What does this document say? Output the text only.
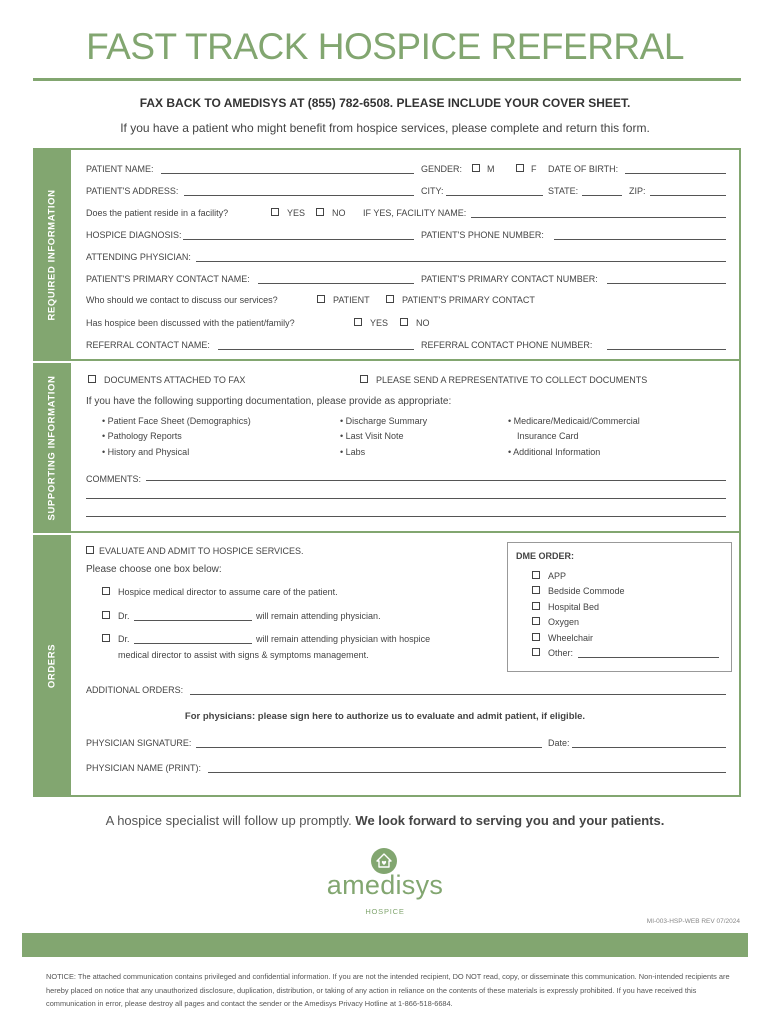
FAST TRACK HOSPICE REFERRAL
FAX BACK TO AMEDISYS AT (855) 782-6508. PLEASE INCLUDE YOUR COVER SHEET.
If you have a patient who might benefit from hospice services, please complete and return this form.
REQUIRED INFORMATION
PATIENT NAME:	GENDER:	M	F DATE OF BIRTH:
PATIENT'S ADDRESS:	CITY:	STATE:	ZIP:
Does the patient reside in a facility?	YES	NO IF YES, FACILITY NAME:
HOSPICE DIAGNOSIS:	PATIENT'S PHONE NUMBER:
ATTENDING PHYSICIAN:
PATIENT'S PRIMARY CONTACT NAME:	PATIENT'S PRIMARY CONTACT NUMBER:
Who should we contact to discuss our services?	PATIENT	PATIENT'S PRIMARY CONTACT
Has hospice been discussed with the patient/family?	YES	NO
REFERRAL CONTACT NAME:	REFERRAL CONTACT PHONE NUMBER:
SUPPORTING INFORMATION	DOCUMENTS ATTACHED TO FAX	PLEASE SEND A REPRESENTATIVE TO COLLECT DOCUMENTS
If you have the following supporting documentation, please provide as appropriate:
• Patient Face Sheet (Demographics)
• Pathology Reports
• History and Physical
• Discharge Summary
• Last Visit Note
• Labs
• Medicare/Medicaid/Commercial
Insurance Card
• Additional Information
COMMENTS:
ORDERS
EVALUATE AND ADMIT TO HOSPICE SERVICES.
Please choose one box below:
Hospice medical director to assume care of the patient.
Dr.	will remain attending physician.
Dr.	will remain attending physician with hospice
medical director to assist with signs & symptoms management.
DME ORDER:
APP
Bedside Commode
Hospital Bed
Oxygen
Wheelchair
Other:
ADDITIONAL ORDERS:
For physicians: please sign here to authorize us to evaluate and admit patient, if eligible.
PHYSICIAN SIGNATURE:	Date:
PHYSICIAN NAME (PRINT):
A hospice specialist will follow up promptly. We look forward to serving you and your patients.
amedisys
HOSPICE
MI-003-HSP-WEB REV 07/2024
NOTICE: The attached communication contains privileged and confidential information. If you are not the intended recipient, DO NOT read, copy, or disseminate this communication. Non-intended recipients are hereby placed on notice that any unauthorized disclosure, duplication, distribution, or taking of any action in reliance on the contents of these materials is expressly prohibited. If you have received this communication in error, please destroy all pages and contact the sender or the Amedisys Privacy Hotline at 1-866-518-6684.
